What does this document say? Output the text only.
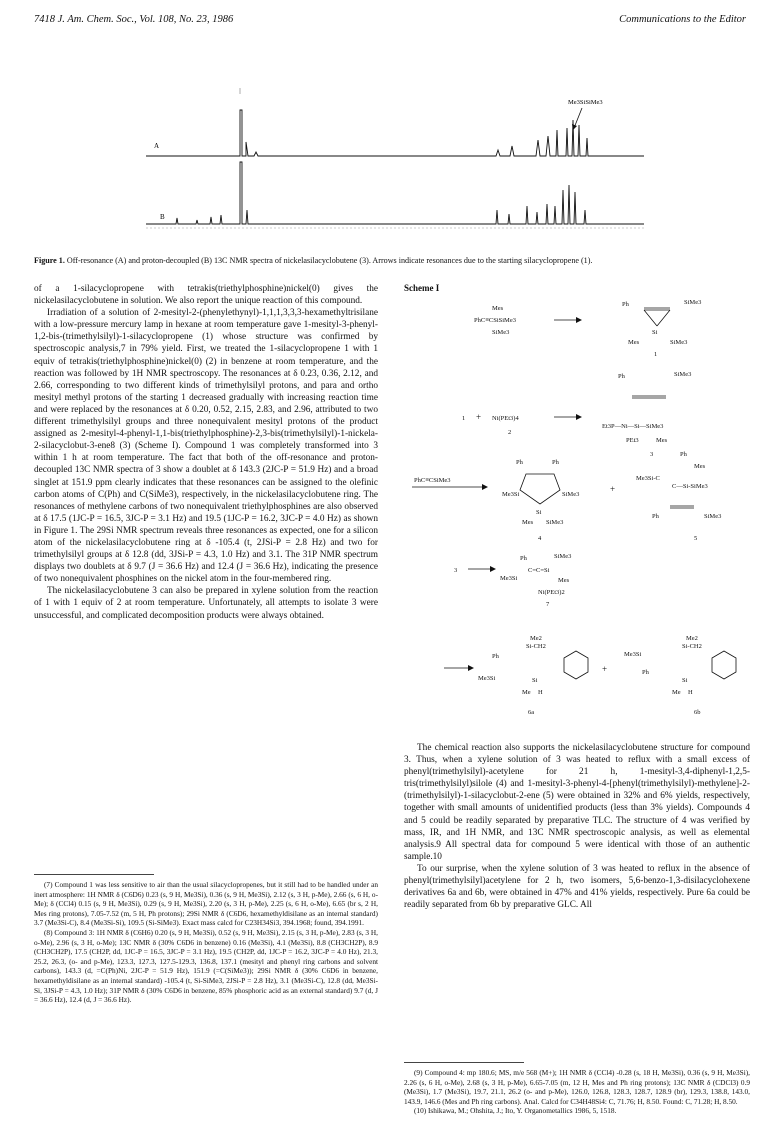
7418 J. Am. Chem. Soc., Vol. 108, No. 23, 1986	Communications to the Editor
Me3SiSiMe3
A
B
Figure 1. Off-resonance (A) and proton-decoupled (B) 13C NMR spectra of nickelasilacyclobutene (3). Arrows indicate resonances due to the starting silacyclopropene (1).

of a 1-silacyclopropene with tetrakis(triethylphosphine)nickel(0) gives the nickelasilacyclobutene in solution. We also report the unique reaction of this compound.

Irradiation of a solution of 2-mesityl-2-(phenylethynyl)-1,1,1,3,3,3-hexamethyltrisilane with a low-pressure mercury lamp in hexane at room temperature gave 1-mesityl-3-phenyl-1,2-bis-(trimethylsilyl)-1-silacyclopropene (1) whose structure was confirmed by spectroscopic analysis,7 in 79% yield. First, we treated the 1-silacyclopropene 1 with 1 equiv of tetrakis(triethylphosphine)nickel(0) (2) in benzene at room temperature, and the reaction was followed by 1H NMR spectroscopy. The resonances at δ 0.23, 0.36, 2.12, and 2.66, corresponding to two different kinds of trimethylsilyl protons, and para and ortho mesityl methyl protons of the starting 1 decreased gradually with increasing reaction time and were replaced by the resonances at δ 0.20, 0.52, 2.15, 2.83, and 2.96, attributed to two different trimethylsilyl groups and three nonequivalent mesityl protons of the product assigned as 2-mesityl-4-phenyl-1,1-bis(triethylphosphine)-2,3-bis(trimethylsilyl)-1-nickela-2-silacyclobut-3-ene8 (3) (Scheme I). Compound 1 was completely transformed into 3 within 1 h at room temperature. The fact that both of the off-resonance and proton-decoupled 13C NMR spectra of 3 show a doublet at δ 143.3 (2JC-P = 51.9 Hz) and a broad singlet at 151.9 ppm clearly indicates that these resonances can be assigned to the olefinic carbon atoms of C(Ph) and C(SiMe3), respectively, in the nickelasilacyclobutene ring. The resonances of methylene carbons of two nonequivalent triethylphosphines are also observed at δ 17.5 (1JC-P = 16.5, 3JC-P = 3.1 Hz) and 19.5 (1JC-P = 16.2, 3JC-P = 4.0 Hz) as shown in Figure 1. The 29Si NMR spectrum reveals three resonances as expected, one for a silicon atom of the nickelasilacyclobutene ring at δ -105.4 (t, 2JSi-P = 2.8 Hz) and two for trimethylsilyl groups at δ 12.8 (dd, 3JSi-P = 4.3, 1.0 Hz) and 3.1. The 31P NMR spectrum displays two doublets at δ 9.7 (J = 36.6 Hz) and 12.4 (J = 36.6 Hz), indicating the presence of two nonequivalent phosphines on the nickel atom in the four-membered ring.

The nickelasilacyclobutene 3 can also be prepared in xylene solution from the reaction of 1 with 1 equiv of 2 at room temperature. Unfortunately, all attempts to isolate 3 were unsuccessful, and complicated decomposition products were always obtained.

(7) Compound 1 was less sensitive to air than the usual silacyclopropenes, but it still had to be handled under an inert atmosphere: 1H NMR δ (C6D6) 0.23 (s, 9 H, Me3Si), 0.36 (s, 9 H, Me3Si), 2.12 (s, 3 H, p-Me), 2.66 (s, 6 H, o-Me); δ (CCl4) 0.15 (s, 9 H, Me3Si), 0.29 (s, 9 H, Me3Si), 2.20 (s, 3 H, p-Me), 2.25 (s, 6 H, o-Me), 6.65 (br s, 2 H, Mes ring protons), 7.05-7.52 (m, 5 H, Ph protons); 29Si NMR δ (C6D6, hexamethyldisilane as an internal standard) 3.7 (Me3Si-C), 8.4 (Me3Si-Si), 109.5 (Si-SiMe3). Exact mass calcd for C23H34Si3, 394.1968; found, 394.1991.

(8) Compound 3: 1H NMR δ (C6H6) 0.20 (s, 9 H, Me3Si), 0.52 (s, 9 H, Me3Si), 2.15 (s, 3 H, p-Me), 2.83 (s, 3 H, o-Me), 2.96 (s, 3 H, o-Me); 13C NMR δ (30% C6D6 in benzene) 0.16 (Me3Si), 4.1 (Me3Si), 8.8 (CH3CH2P), 8.9 (CH3CH2P), 17.5 (CH2P, dd, 1JC-P = 16.5, 3JC-P = 3.1 Hz), 19.5 (CH2P, dd, 1JC-P = 16.2, 3JC-P = 4.0 Hz), 21.3, 25.2, 26.3, (o- and p-Me), 123.3, 127.3, 127.5-129.3, 136.8, 137.1 (mesityl and phenyl ring carbons and solvent carbons), 143.3 (d, =C(Ph)Ni, 2JC-P = 51.9 Hz), 151.9 (=C(SiMe3)); 29Si NMR δ (30% C6D6 in benzene, hexamethyldisilane as an internal standard) -105.4 (t, Si-SiMe3, 2JSi-P = 2.8 Hz), 3.1 (Me3Si-C), 12.8 (dd, Me3Si-Si, 3JSi-P = 4.3, 1.0 Hz); 31P NMR δ (30% C6D6 in benzene, 85% phosphoric acid as an external standard) 9.7 (d, J = 36.6 Hz), 12.4 (d, J = 36.6 Hz).

Scheme I
Mes
PhC≡CSiSiMe3
SiMe3
Ph	SiMe3
Si
Mes	SiMe3
1
1 + Ni(PEt3)4
2
Ph	SiMe3
Et3P—Ni—Si—SiMe3
PEt3	Mes
3
PhC≡CSiMe3
Ph	Ph
Me3Si	SiMe3
Si
Mes SiMe3
4
+
Ph
Mes
Me3Si-C
C—Si-SiMe3
Ph	SiMe3
5
3
Ph	SiMe3
Me3Si
C=C=Si
Mes
Ni(PEt3)2
7
Me2
Si-CH2
Ph
Me3Si	Si
Me H
6a
+
Me2
Si-CH2
Me3Si
Ph
Si
Me H
6b

The chemical reaction also supports the nickelasilacyclobutene structure for compound 3. Thus, when a xylene solution of 3 was heated to reflux with a small excess of phenyl(trimethylsilyl)-acetylene for 21 h, 1-mesityl-3,4-diphenyl-1,2,5-tris(trimethylsilyl)silole (4) and 1-mesityl-3-phenyl-4-[phenyl(trimethylsilyl)-methylene]-2-(trimethylsilyl)-1-silacyclobut-2-ene (5) were obtained in 32% and 6% yields, respectively, together with small amounts of unidentified products (less than 3% yields). Compounds 4 and 5 could be readily separated by preparative TLC. The structure of 4 was verified by mass, IR, and 1H NMR, and 13C NMR spectroscopic analysis, as well as elemental analysis.9 All spectral data for compound 5 were identical with those of an authentic sample.10

To our surprise, when the xylene solution of 3 was heated to reflux in the absence of phenyl(trimethylsilyl)acetylene for 2 h, two isomers, 5,6-benzo-1,3-disilacyclohexene derivatives 6a and 6b, were obtained in 47% and 41% yields, respectively. Pure 6a could be readily separated from 6b by preparative GLC. All

(9) Compound 4: mp 180.6; MS, m/e 568 (M+); 1H NMR δ (CCl4) -0.28 (s, 18 H, Me3Si), 0.36 (s, 9 H, Me3Si), 2.26 (s, 6 H, o-Me), 2.68 (s, 3 H, p-Me), 6.65-7.05 (m, 12 H, Mes and Ph ring protons); 13C NMR δ (CDCl3) 0.9 (Me3Si), 1.7 (Me3Si), 19.7, 21.1, 26.2 (o- and p-Me), 126.0, 126.8, 128.3, 128.7, 128.9 (br), 129.3, 138.8, 143.0, 143.9, 146.6 (Mes and Ph ring carbons). Anal. Calcd for C34H48Si4: C, 71.76; H, 8.50. Found: C, 71.28; H, 8.50.

(10) Ishikawa, M.; Ohshita, J.; Ito, Y. Organometallics 1986, 5, 1518.
